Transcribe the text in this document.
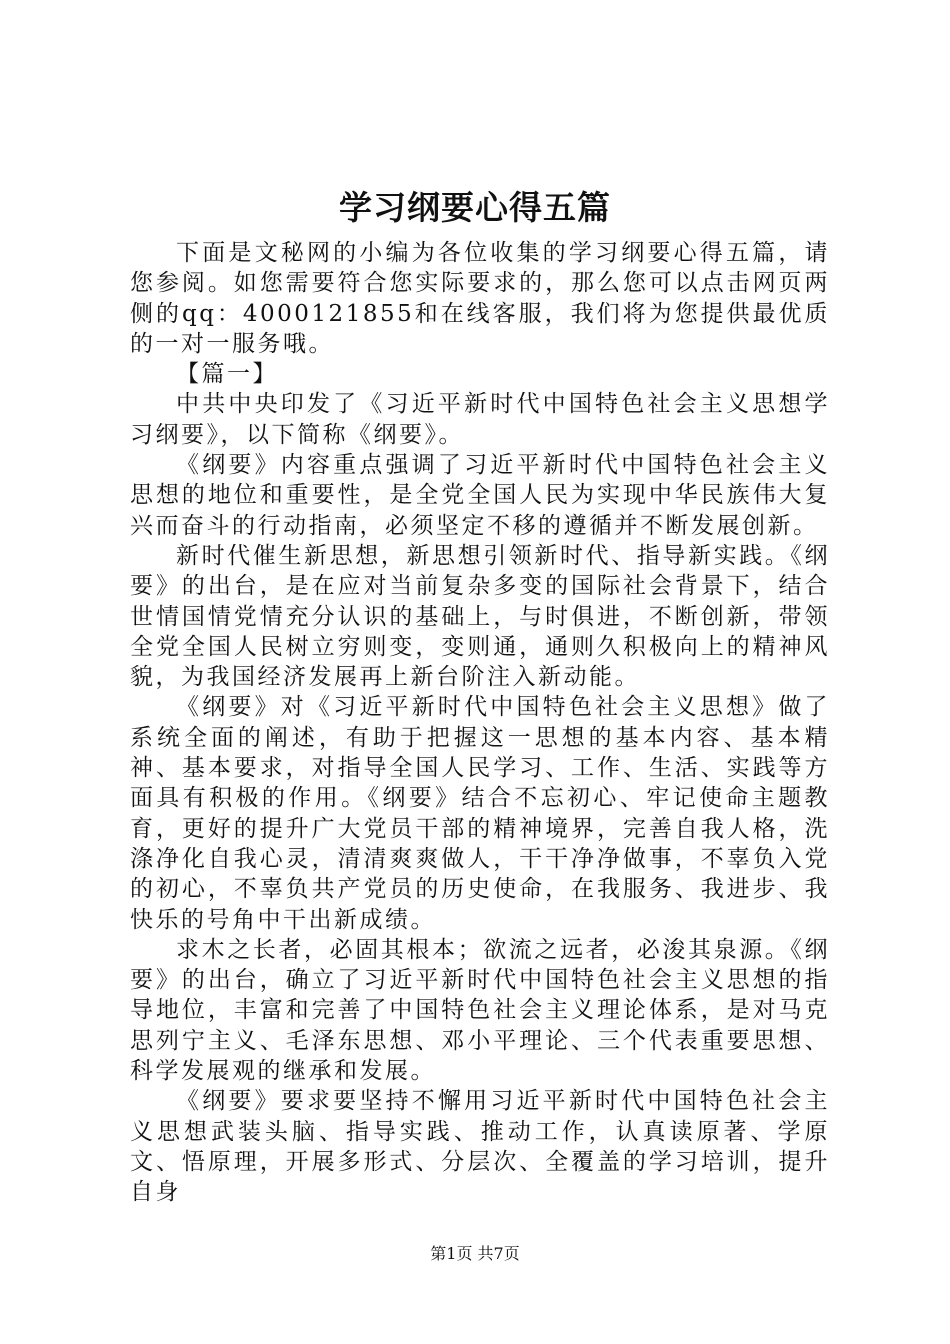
学习纲要心得五篇

下面是文秘网的小编为各位收集的学习纲要心得五篇，请您参阅。如您需要符合您实际要求的，那么您可以点击网页两侧的qq：4000121855和在线客服，我们将为您提供最优质的一对一服务哦。

【篇一】

中共中央印发了《习近平新时代中国特色社会主义思想学习纲要》，以下简称《纲要》。

《纲要》内容重点强调了习近平新时代中国特色社会主义思想的地位和重要性，是全党全国人民为实现中华民族伟大复兴而奋斗的行动指南，必须坚定不移的遵循并不断发展创新。

新时代催生新思想，新思想引领新时代、指导新实践。《纲要》的出台，是在应对当前复杂多变的国际社会背景下，结合世情国情党情充分认识的基础上，与时俱进，不断创新，带领全党全国人民树立穷则变，变则通，通则久积极向上的精神风貌，为我国经济发展再上新台阶注入新动能。

《纲要》对《习近平新时代中国特色社会主义思想》做了系统全面的阐述，有助于把握这一思想的基本内容、基本精神、基本要求，对指导全国人民学习、工作、生活、实践等方面具有积极的作用。《纲要》结合不忘初心、牢记使命主题教育，更好的提升广大党员干部的精神境界，完善自我人格，洗涤净化自我心灵，清清爽爽做人，干干净净做事，不辜负入党的初心，不辜负共产党员的历史使命，在我服务、我进步、我快乐的号角中干出新成绩。

求木之长者，必固其根本；欲流之远者，必浚其泉源。《纲要》的出台，确立了习近平新时代中国特色社会主义思想的指导地位，丰富和完善了中国特色社会主义理论体系，是对马克思列宁主义、毛泽东思想、邓小平理论、三个代表重要思想、科学发展观的继承和发展。

《纲要》要求要坚持不懈用习近平新时代中国特色社会主义思想武装头脑、指导实践、推动工作，认真读原著、学原文、悟原理，开展多形式、分层次、全覆盖的学习培训，提升自身

第1页 共7页
